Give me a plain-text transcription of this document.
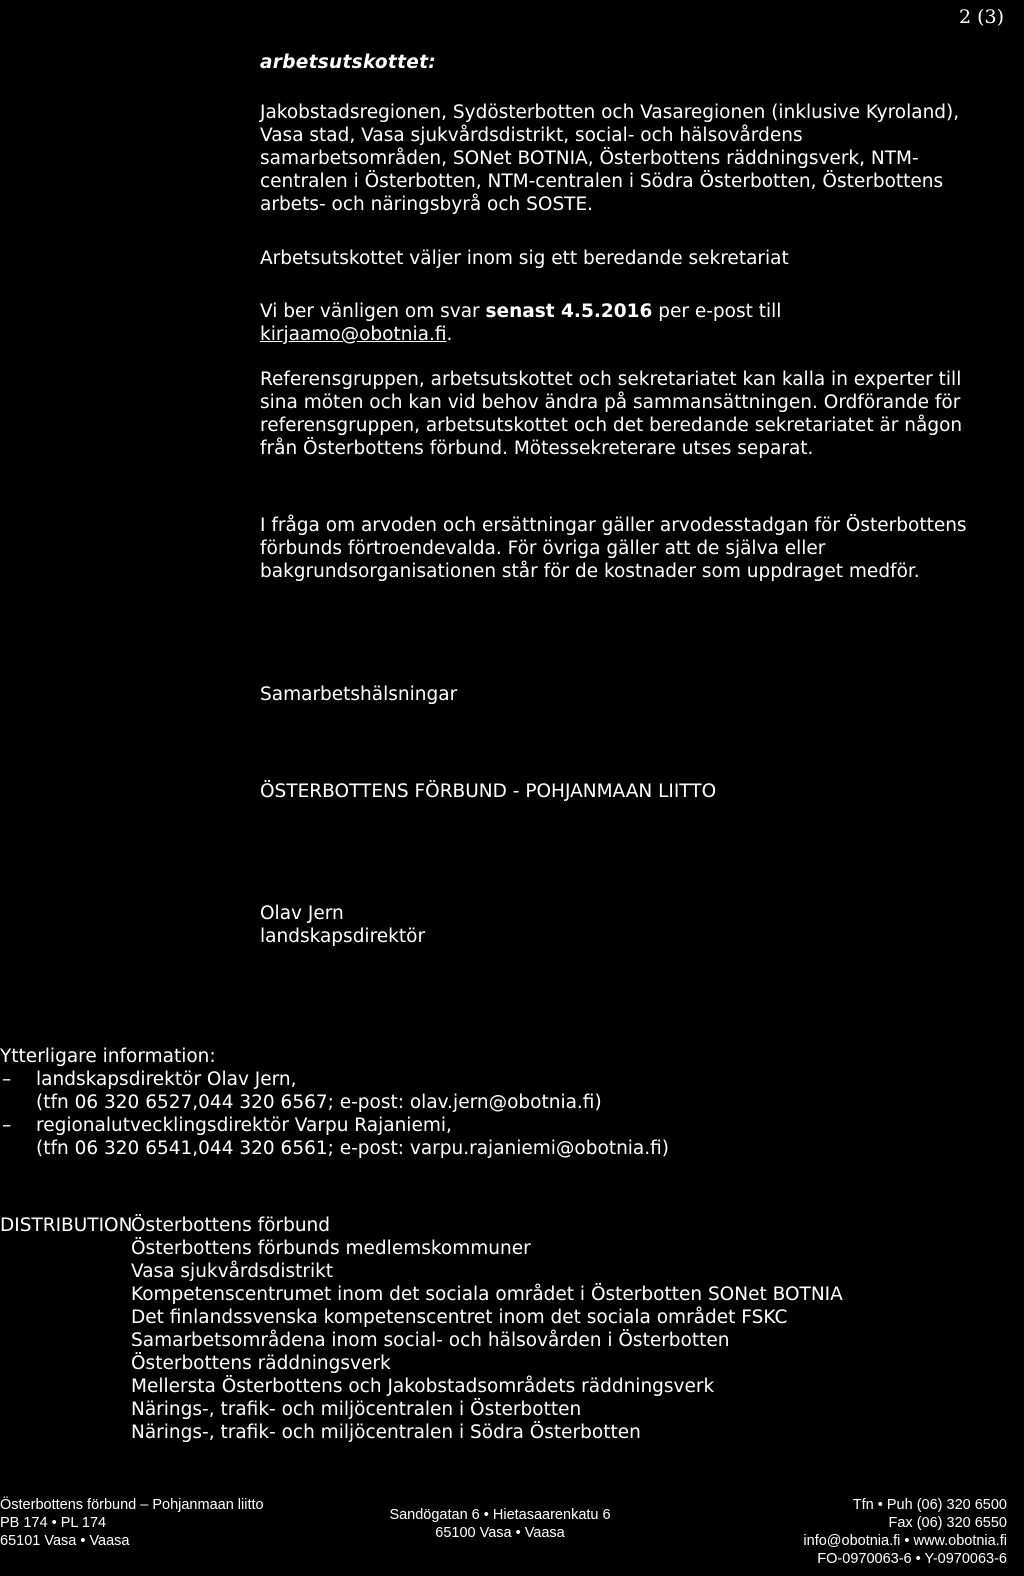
2 (3)
arbetsutskottet:
Jakobstadsregionen, Sydösterbotten och Vasaregionen (inklusive Kyroland), Vasa stad, Vasa sjukvårdsdistrikt, social- och hälsovårdens samarbetsområden, SONet BOTNIA, Österbottens räddningsverk, NTM-centralen i Österbotten, NTM-centralen i Södra Österbotten, Österbottens arbets- och näringsbyrå och SOSTE.
Arbetsutskottet väljer inom sig ett beredande sekretariat
Vi ber vänligen om svar senast 4.5.2016 per e-post till kirjaamo@obotnia.fi.
Referensgruppen, arbetsutskottet och sekretariatet kan kalla in experter till sina möten och kan vid behov ändra på sammansättningen. Ordförande för referensgruppen, arbetsutskottet och det beredande sekretariatet är någon från Österbottens förbund. Mötessekreterare utses separat.
I fråga om arvoden och ersättningar gäller arvodesstadgan för Österbottens förbunds förtroendevalda. För övriga gäller att de själva eller bakgrundsorganisationen står för de kostnader som uppdraget medför.
Samarbetshälsningar
ÖSTERBOTTENS FÖRBUND - POHJANMAAN LIITTO
Olav Jern
landskapsdirektör
Ytterligare information:
– landskapsdirektör Olav Jern,
(tfn 06 320 6527,044 320 6567; e-post: olav.jern@obotnia.fi)
– regionalutvecklingsdirektör Varpu Rajaniemi,
(tfn 06 320 6541,044 320 6561; e-post: varpu.rajaniemi@obotnia.fi)
DISTRIBUTION
Österbottens förbund
Österbottens förbunds medlemskommuner
Vasa sjukvårdsdistrikt
Kompetenscentrumet inom det sociala området i Österbotten SONet BOTNIA
Det finlandssvenska kompetenscentret inom det sociala området FSKC
Samarbetsområdena inom social- och hälsovården i Österbotten
Österbottens räddningsverk
Mellersta Österbottens och Jakobstadsområdets räddningsverk
Närings-, trafik- och miljöcentralen i Österbotten
Närings-, trafik- och miljöcentralen i Södra Österbotten
Österbottens förbund – Pohjanmaan liitto
PB 174 • PL 174
65101 Vasa • Vaasa
Sandögatan 6 • Hietasaarenkatu 6
65100 Vasa • Vaasa
Tfn • Puh (06) 320 6500
Fax (06) 320 6550
info@obotnia.fi • www.obotnia.fi
FO-0970063-6 • Y-0970063-6
